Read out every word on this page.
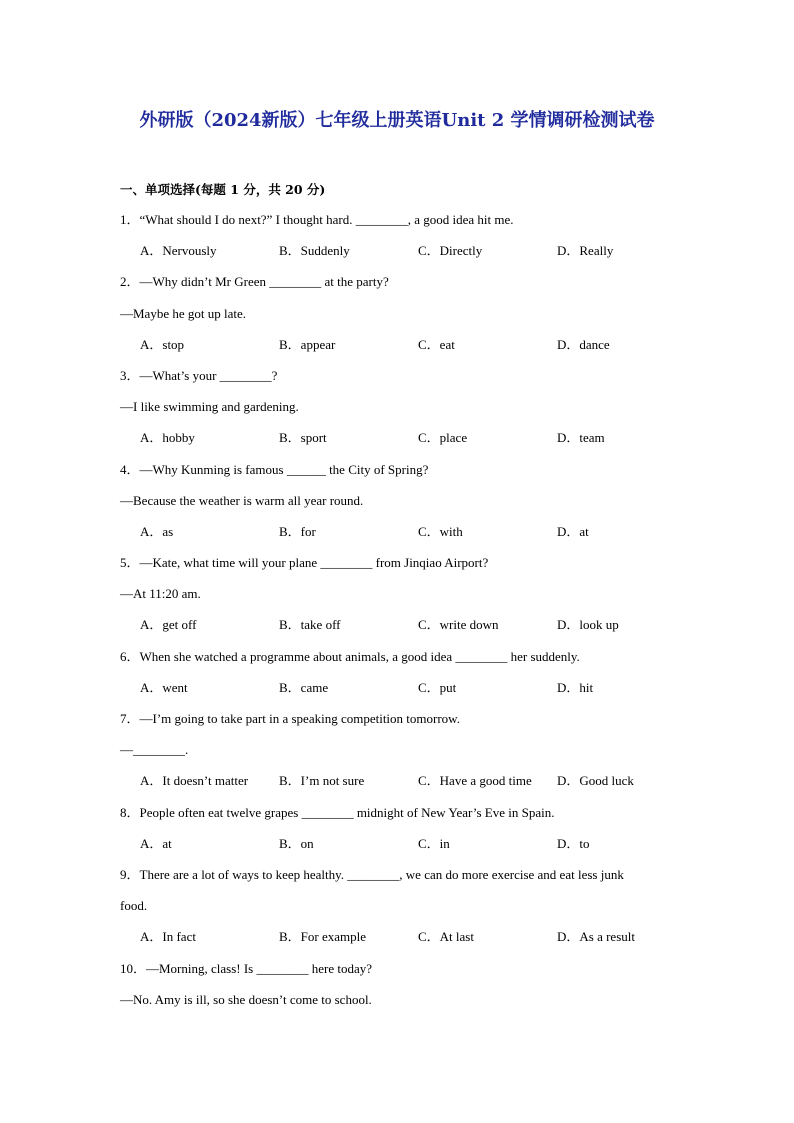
外研版（2024新版）七年级上册英语Unit 2 学情调研检测试卷
一、单项选择(每题 1 分，共 20 分)
1．“What should I do next?” I thought hard. ________, a good idea hit me.
A．Nervously	B．Suddenly	C．Directly	D．Really
2．—Why didn’t Mr Green ________ at the party?
—Maybe he got up late.
A．stop	B．appear	C．eat	D．dance
3．—What’s your ________?
—I like swimming and gardening.
A．hobby	B．sport	C．place	D．team
4．—Why Kunming is famous ______ the City of Spring?
—Because the weather is warm all year round.
A．as	B．for	C．with	D．at
5．—Kate, what time will your plane ________ from Jinqiao Airport?
—At 11:20 am.
A．get off	B．take off	C．write down	D．look up
6．When she watched a programme about animals, a good idea ________ her suddenly.
A．went	B．came	C．put	D．hit
7．—I’m going to take part in a speaking competition tomorrow.
—________.
A．It doesn’t matter	B．I’m not sure	C．Have a good time	D．Good luck
8．People often eat twelve grapes ________ midnight of New Year’s Eve in Spain.
A．at	B．on	C．in	D．to
9．There are a lot of ways to keep healthy. ________, we can do more exercise and eat less junk
food.
A．In fact	B．For example	C．At last	D．As a result
10．—Morning, class! Is ________ here today?
—No. Amy is ill, so she doesn’t come to school.
